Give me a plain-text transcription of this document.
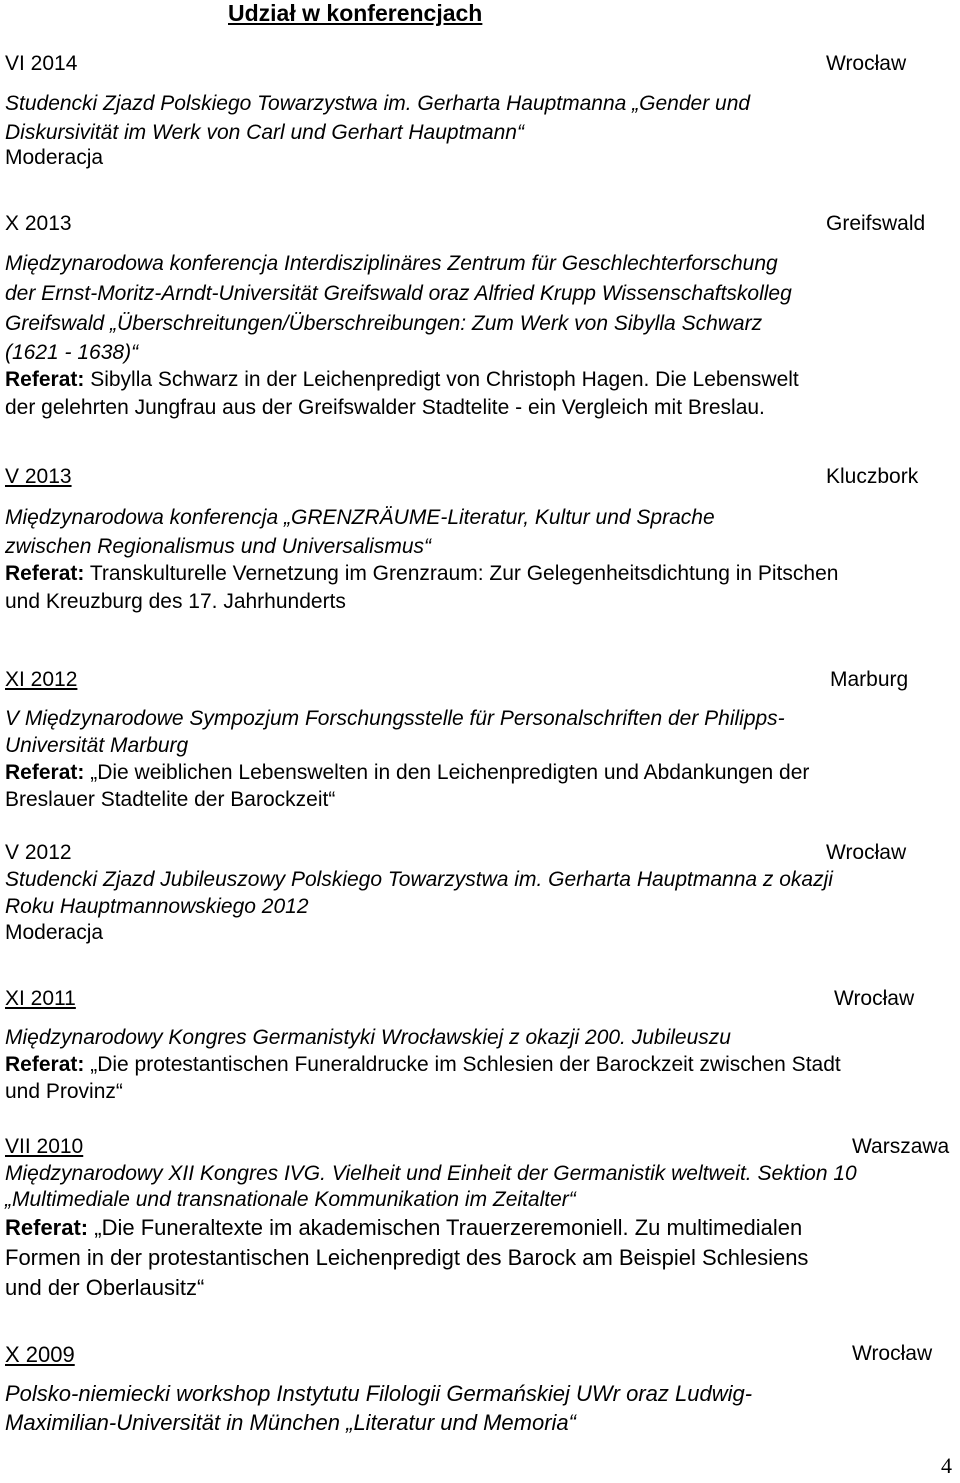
Udział w konferencjach
VI 2014	Wrocław
Studencki Zjazd Polskiego Towarzystwa im. Gerharta Hauptmanna „Gender und
Diskursivität im Werk von Carl und Gerhart Hauptmann“
Moderacja
X 2013	Greifswald
Międzynarodowa konferencja Interdisziplinäres Zentrum für Geschlechterforschung
der Ernst-Moritz-Arndt-Universität Greifswald oraz Alfried Krupp Wissenschaftskolleg
Greifswald „Überschreitungen/Überschreibungen: Zum Werk von Sibylla Schwarz
(1621 - 1638)“
Referat: Sibylla Schwarz in der Leichenpredigt von Christoph Hagen. Die Lebenswelt
der gelehrten Jungfrau aus der Greifswalder Stadtelite - ein Vergleich mit Breslau.
V 2013	Kluczbork
Międzynarodowa konferencja „GRENZRÄUME-Literatur, Kultur und Sprache
zwischen Regionalismus und Universalismus“
Referat: Transkulturelle Vernetzung im Grenzraum: Zur Gelegenheitsdichtung in Pitschen
und Kreuzburg des 17. Jahrhunderts
XI 2012	Marburg
V Międzynarodowe Sympozjum Forschungsstelle für Personalschriften der Philipps-
Universität Marburg
Referat: „Die weiblichen Lebenswelten in den Leichenpredigten und Abdankungen der
Breslauer Stadtelite der Barockzeit“
V 2012	Wrocław
Studencki Zjazd Jubileuszowy Polskiego Towarzystwa im. Gerharta Hauptmanna z okazji
Roku Hauptmannowskiego 2012
Moderacja
XI 2011	Wrocław
Międzynarodowy Kongres Germanistyki Wrocławskiej z okazji 200. Jubileuszu
Referat: „Die protestantischen Funeraldrucke im Schlesien der Barockzeit zwischen Stadt
und Provinz“
VII 2010	Warszawa
Międzynarodowy XII Kongres IVG. Vielheit und Einheit der Germanistik weltweit. Sektion 10
„Multimediale und transnationale Kommunikation im Zeitalter“
Referat: „Die Funeraltexte im akademischen Trauerzeremoniell. Zu multimedialen
Formen in der protestantischen Leichenpredigt des Barock am Beispiel Schlesiens
und der Oberlausitz“
X 2009	Wrocław
Polsko-niemiecki workshop Instytutu Filologii Germańskiej UWr oraz Ludwig-
Maximilian-Universität in München „Literatur und Memoria“
4
